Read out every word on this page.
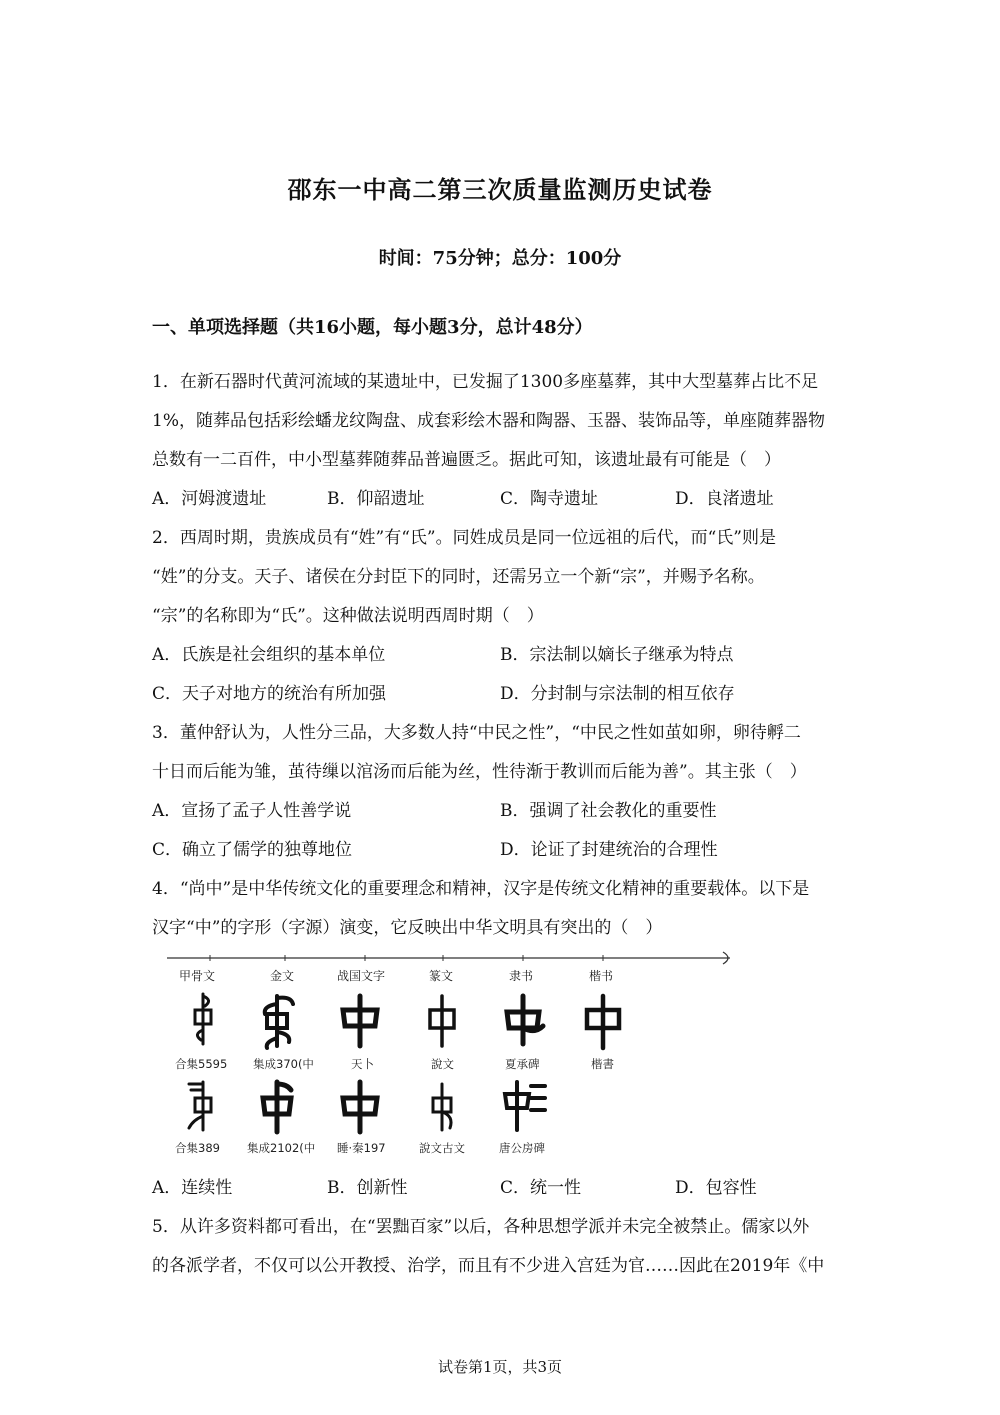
邵东一中高二第三次质量监测历史试卷
时间：75分钟；总分：100分
一、单项选择题（共16小题，每小题3分，总计48分）
1．在新石器时代黄河流域的某遗址中，已发掘了1300多座墓葬，其中大型墓葬占比不足
1%，随葬品包括彩绘蟠龙纹陶盘、成套彩绘木器和陶器、玉器、装饰品等，单座随葬器物
总数有一二百件，中小型墓葬随葬品普遍匮乏。据此可知，该遗址最有可能是（　）
A．河姆渡遗址	B．仰韶遗址	C．陶寺遗址	D．良渚遗址
2．西周时期，贵族成员有“姓”有“氏”。同姓成员是同一位远祖的后代，而“氏”则是
“姓”的分支。天子、诸侯在分封臣下的同时，还需另立一个新“宗”，并赐予名称。
“宗”的名称即为“氏”。这种做法说明西周时期（　）
A．氏族是社会组织的基本单位	B．宗法制以嫡长子继承为特点
C．天子对地方的统治有所加强	D．分封制与宗法制的相互依存
3．董仲舒认为，人性分三品，大多数人持“中民之性”，“中民之性如茧如卵，卵待孵二
十日而后能为雏，茧待缫以涫汤而后能为丝，性待渐于教训而后能为善”。其主张（　）
A．宣扬了孟子人性善学说	B．强调了社会教化的重要性
C．确立了儒学的独尊地位	D．论证了封建统治的合理性
4．“尚中”是中华传统文化的重要理念和精神，汉字是传统文化精神的重要载体。以下是
汉字“中”的字形（字源）演变，它反映出中华文明具有突出的（　）
甲骨文	金文	战国文字	篆文	隶书	楷书
合集5595 集成370(中	天卜	說文	夏承碑	楷書
合集389 集成2102(中 睡·秦197	說文古文	唐公房碑
A．连续性	B．创新性	C．统一性	D．包容性
5．从许多资料都可看出，在“罢黜百家”以后，各种思想学派并未完全被禁止。儒家以外
的各派学者，不仅可以公开教授、治学，而且有不少进入宫廷为官……因此在2019年《中
试卷第1页，共3页
